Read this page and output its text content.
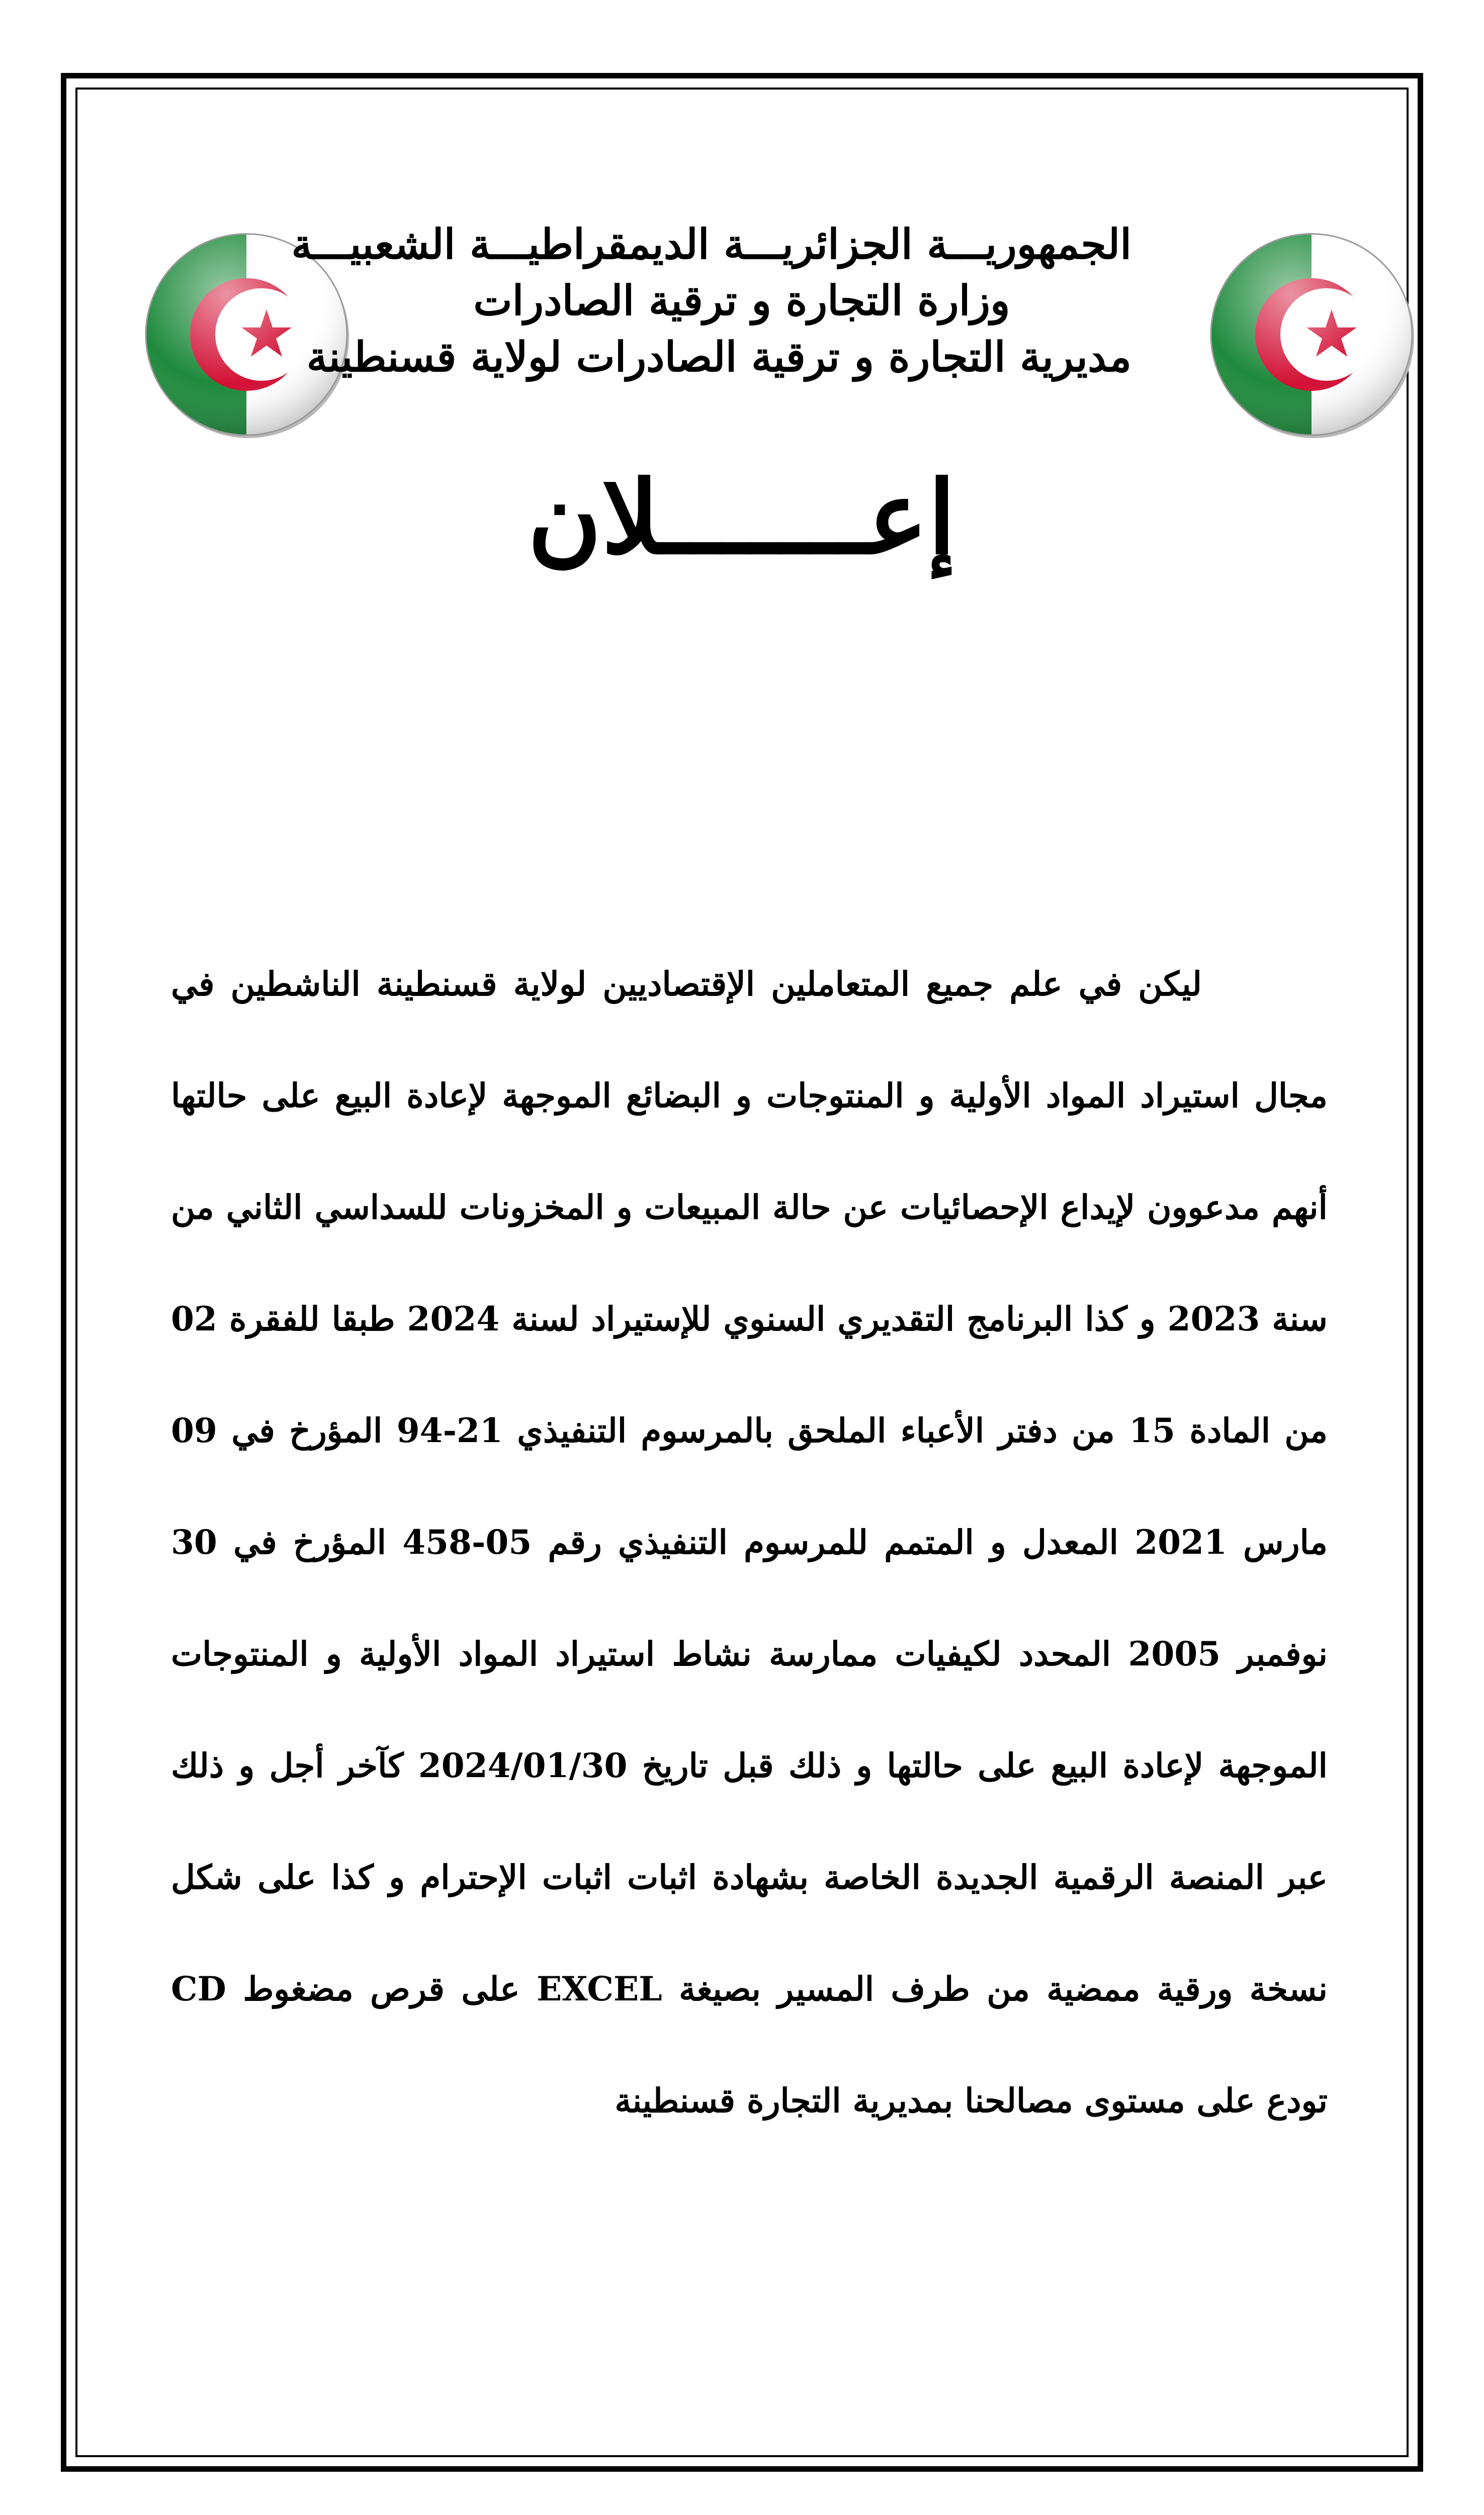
الجمهوريـــة الجزائريـــة الديمقراطيـــة الشعبيـــة
وزارة التجارة و ترقية الصادرات
مديرية التجارة و ترقية الصادرات لولاية قسنطينة
إعـــــــلان
ليكن في علم جميع المتعاملين الإقتصاديين لولاية قسنطينة الناشطين في مجال استيراد المواد الأولية و المنتوجات و البضائع الموجهة لإعادة البيع على حالتها أنهم مدعوون لإيداع الإحصائيات عن حالة المبيعات و المخزونات للسداسي الثاني من سنة 2023 و كذا البرنامج التقديري السنوي للإستيراد لسنة 2024 طبقا للفقرة 02 من المادة 15 من دفتر الأعباء الملحق بالمرسوم التنفيذي 21-94 المؤرخ في 09 مارس 2021 المعدل و المتمم للمرسوم التنفيذي رقم 05-458 المؤرخ في 30 نوفمبر 2005 المحدد لكيفيات ممارسة نشاط استيراد المواد الأولية و المنتوجات الموجهة لإعادة البيع على حالتها و ذلك قبل تاريخ 2024/01/30 كآخر أجل و ذلك عبر المنصة الرقمية الجديدة الخاصة بشهادة اثبات اثبات الإحترام و كذا على شكل نسخة ورقية ممضية من طرف المسير بصيغة EXCEL على قرص مضغوط CD تودع على مستوى مصالحنا بمديرية التجارة قسنطينة
